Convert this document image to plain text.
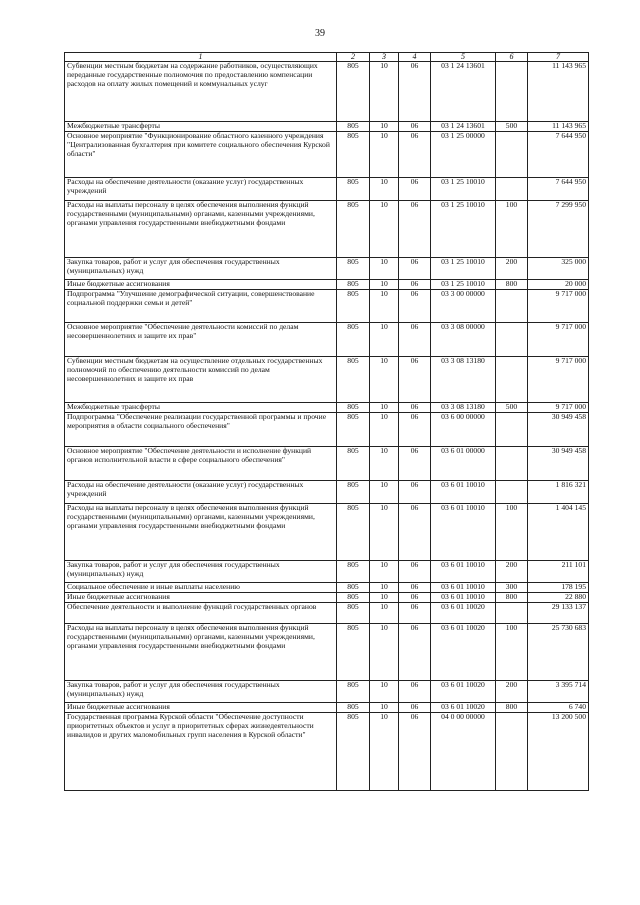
39
1	2	3	4	5	6	7
Субвенции местным бюджетам на содержание работников, осуществляющих переданные государственные полномочия по предоставлению компенсации расходов на оплату жилых помещений и коммунальных услуг	805	10	06	03 1 24 13601		11 143 965
Межбюджетные трансферты	805	10	06	03 1 24 13601	500	11 143 965
Основное мероприятие "Функционирование областного казенного учреждения "Централизованная бухгалтерия при комитете социального обеспечения Курской области"	805	10	06	03 1 25 00000		7 644 950
Расходы на обеспечение деятельности (оказание услуг) государственных учреждений	805	10	06	03 1 25 10010		7 644 950
Расходы на выплаты персоналу в целях обеспечения выполнения функций государственными (муниципальными) органами, казенными учреждениями, органами управления государственными внебюджетными фондами	805	10	06	03 1 25 10010	100	7 299 950
Закупка товаров, работ и услуг для обеспечения государственных (муниципальных) нужд	805	10	06	03 1 25 10010	200	325 000
Иные бюджетные ассигнования	805	10	06	03 1 25 10010	800	20 000
Подпрограмма "Улучшение демографической ситуации, совершенствование социальной поддержки семьи и детей"	805	10	06	03 3 00 00000		9 717 000
Основное мероприятие "Обеспечение деятельности комиссий по делам несовершеннолетних и защите их прав"	805	10	06	03 3 08 00000		9 717 000
Субвенции местным бюджетам на осуществление отдельных государственных полномочий по обеспечению деятельности комиссий по делам несовершеннолетних и защите их прав	805	10	06	03 3 08 13180		9 717 000
Межбюджетные трансферты	805	10	06	03 3 08 13180	500	9 717 000
Подпрограмма "Обеспечение реализации государственной программы и прочие мероприятия в области социального обеспечения"	805	10	06	03 6 00 00000		30 949 458
Основное мероприятие "Обеспечение деятельности и исполнение функций органов исполнительной власти в сфере социального обеспечения"	805	10	06	03 6 01 00000		30 949 458
Расходы на обеспечение деятельности (оказание услуг) государственных учреждений	805	10	06	03 6 01 10010		1 816 321
Расходы на выплаты персоналу в целях обеспечения выполнения функций государственными (муниципальными) органами, казенными учреждениями, органами управления государственными внебюджетными фондами	805	10	06	03 6 01 10010	100	1 404 145
Закупка товаров, работ и услуг для обеспечения государственных (муниципальных) нужд	805	10	06	03 6 01 10010	200	211 101
Социальное обеспечение и иные выплаты населению	805	10	06	03 6 01 10010	300	178 195
Иные бюджетные ассигнования	805	10	06	03 6 01 10010	800	22 880
Обеспечение деятельности и выполнение функций государственных органов	805	10	06	03 6 01 10020		29 133 137
Расходы на выплаты персоналу в целях обеспечения выполнения функций государственными (муниципальными) органами, казенными учреждениями, органами управления государственными внебюджетными фондами	805	10	06	03 6 01 10020	100	25 730 683
Закупка товаров, работ и услуг для обеспечения государственных (муниципальных) нужд	805	10	06	03 6 01 10020	200	3 395 714
Иные бюджетные ассигнования	805	10	06	03 6 01 10020	800	6 740
Государственная программа Курской области "Обеспечение доступности приоритетных объектов и услуг в приоритетных сферах жизнедеятельности инвалидов и других маломобильных групп населения в Курской области"	805	10	06	04 0 00 00000		13 200 500
